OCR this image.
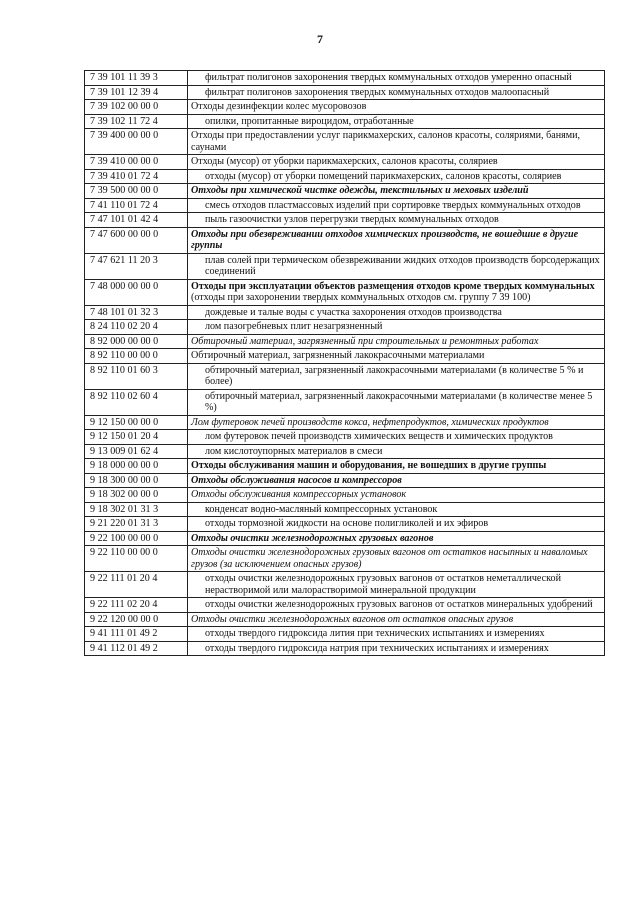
7
7 39 101 11 39 3	фильтрат полигонов захоронения твердых коммунальных отходов умеренно опасный

7 39 101 12 39 4	фильтрат полигонов захоронения твердых коммунальных отходов малоопасный

7 39 102 00 00 0	Отходы дезинфекции колес мусоровозов

7 39 102 11 72 4	опилки, пропитанные вироцидом, отработанные

7 39 400 00 00 0	Отходы при предоставлении услуг парикмахерских, салонов красоты, соляриями, банями, саунами

7 39 410 00 00 0	Отходы (мусор) от уборки парикмахерских, салонов красоты, соляриев

7 39 410 01 72 4	отходы (мусор) от уборки помещений парикмахерских, салонов красоты, соляриев

7 39 500 00 00 0	Отходы при химической чистке одежды, текстильных и меховых изделий

7 41 110 01 72 4	смесь отходов пластмассовых изделий при сортировке твердых коммунальных отходов

7 47 101 01 42 4	пыль газоочистки узлов перегрузки твердых коммунальных отходов

7 47 600 00 00 0	Отходы при обезвреживании отходов химических производств, не вошедшие в другие группы

7 47 621 11 20 3	плав солей при термическом обезвреживании жидких отходов производств борсодержащих соединений

7 48 000 00 00 0	Отходы при эксплуатации объектов размещения отходов кроме твердых коммунальных (отходы при захоронении твердых коммунальных отходов см. группу 7 39 100)

7 48 101 01 32 3	дождевые и талые воды с участка захоронения отходов производства

8 24 110 02 20 4	лом пазогребневых плит незагрязненный

8 92 000 00 00 0	Обтирочный материал, загрязненный при строительных и ремонтных работах

8 92 110 00 00 0	Обтирочный материал, загрязненный лакокрасочными материалами

8 92 110 01 60 3	обтирочный материал, загрязненный лакокрасочными материалами (в количестве 5 % и более)

8 92 110 02 60 4	обтирочный материал, загрязненный лакокрасочными материалами (в количестве менее 5 %)

9 12 150 00 00 0	Лом футеровок печей производств кокса, нефтепродуктов, химических продуктов

9 12 150 01 20 4	лом футеровок печей производств химических веществ и химических продуктов

9 13 009 01 62 4	лом кислотоупорных материалов в смеси

9 18 000 00 00 0	Отходы обслуживания машин и оборудования, не вошедших в другие группы

9 18 300 00 00 0	Отходы обслуживания насосов и компрессоров

9 18 302 00 00 0	Отходы обслуживания компрессорных установок

9 18 302 01 31 3	конденсат водно-масляный компрессорных установок

9 21 220 01 31 3	отходы тормозной жидкости на основе полигликолей и их эфиров

9 22 100 00 00 0	Отходы очистки железнодорожных грузовых вагонов

9 22 110 00 00 0	Отходы очистки железнодорожных грузовых вагонов от остатков насыпных и наваломых грузов (за исключением опасных грузов)

9 22 111 01 20 4	отходы очистки железнодорожных грузовых вагонов от остатков неметаллической нерастворимой или малорастворимой минеральной продукции

9 22 111 02 20 4	отходы очистки железнодорожных грузовых вагонов от остатков минеральных удобрений

9 22 120 00 00 0	Отходы очистки железнодорожных вагонов от остатков опасных грузов

9 41 111 01 49 2	отходы твердого гидроксида лития при технических испытаниях и измерениях

9 41 112 01 49 2	отходы твердого гидроксида натрия при технических испытаниях и измерениях
